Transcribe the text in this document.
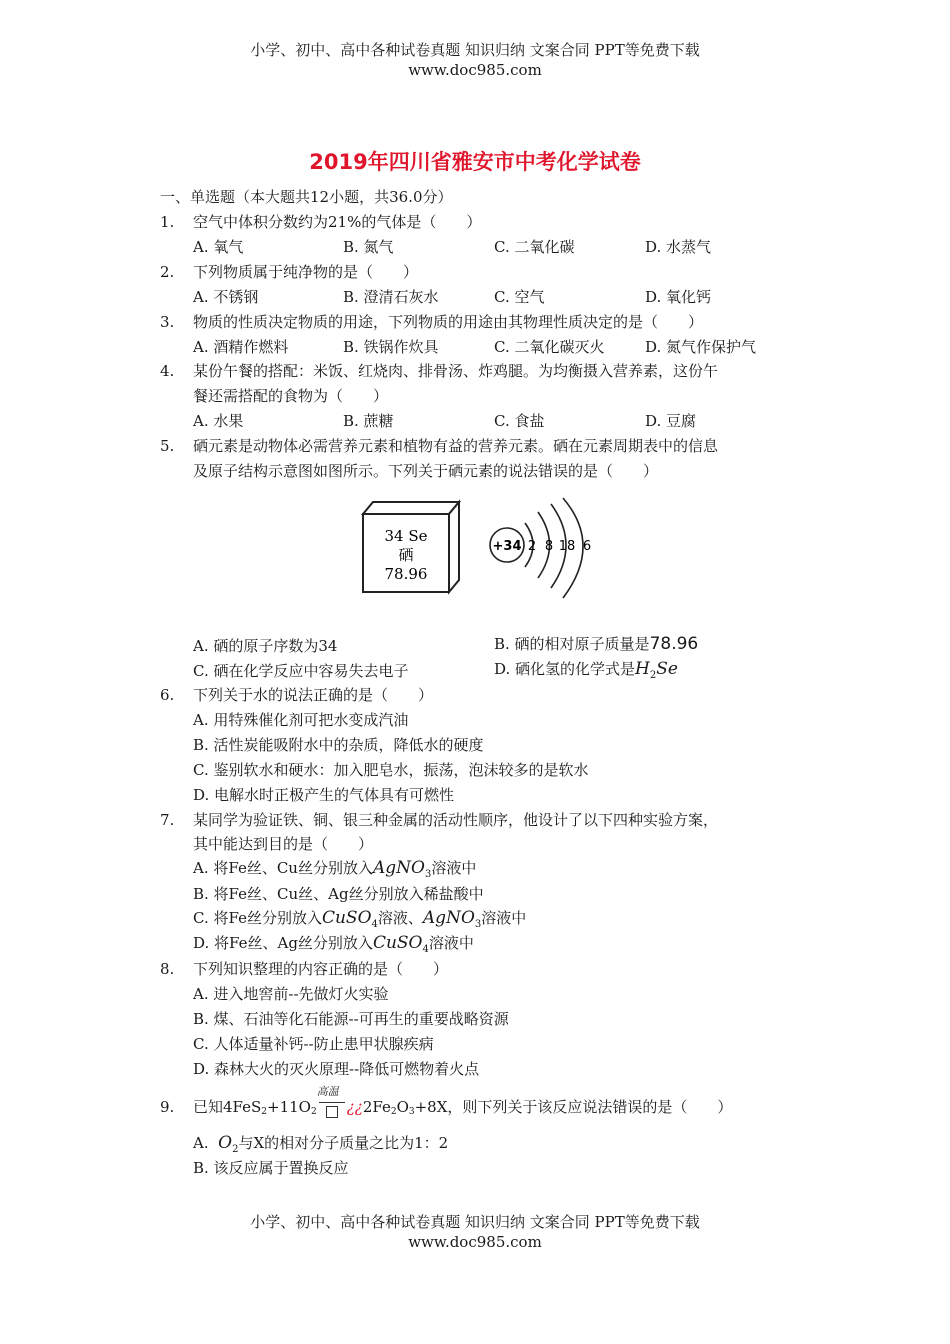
小学、初中、高中各种试卷真题 知识归纳 文案合同 PPT等免费下载
www.doc985.com
2019年四川省雅安市中考化学试卷
一、单选题（本大题共12小题，共36.0分）
1. 空气中体积分数约为21%的气体是（　　）
A. 氧气	B. 氮气	C. 二氧化碳	D. 水蒸气
2. 下列物质属于纯净物的是（　　）
A. 不锈钢	B. 澄清石灰水	C. 空气	D. 氧化钙
3. 物质的性质决定物质的用途，下列物质的用途由其物理性质决定的是（　　）
A. 酒精作燃料	B. 铁锅作炊具	C. 二氧化碳灭火	D. 氮气作保护气
4. 某份午餐的搭配：米饭、红烧肉、排骨汤、炸鸡腿。为均衡摄入营养素，这份午
餐还需搭配的食物为（　　）
A. 水果	B. 蔗糖	C. 食盐	D. 豆腐
5. 硒元素是动物体必需营养元素和植物有益的营养元素。硒在元素周期表中的信息
及原子结构示意图如图所示。下列关于硒元素的说法错误的是（　　）
34 Se
硒
78.96
+34 2 8 18 6
A. 硒的原子序数为34	B. 硒的相对原子质量是78.96
C. 硒在化学反应中容易失去电子	D. 硒化氢的化学式是$H_2Se$
6. 下列关于水的说法正确的是（　　）
A. 用特殊催化剂可把水变成汽油
B. 活性炭能吸附水中的杂质，降低水的硬度
C. 鉴别软水和硬水：加入肥皂水，振荡，泡沫较多的是软水
D. 电解水时正极产生的气体具有可燃性
7. 某同学为验证铁、铜、银三种金属的活动性顺序，他设计了以下四种实验方案，
其中能达到目的是（　　）
A. 将Fe丝、Cu丝分别放入AgNO$_3$溶液中
B. 将Fe丝、Cu丝、Ag丝分别放入稀盐酸中
C. 将Fe丝分别放入CuSO$_4$溶液、AgNO$_3$溶液中
D. 将Fe丝、Ag丝分别放入CuSO$_4$溶液中
8. 下列知识整理的内容正确的是（　　）
A. 进入地窖前--先做灯火实验
B. 煤、石油等化石能源--可再生的重要战略资源
C. 人体适量补钙--防止患甲状腺疾病
D. 森林大火的灭火原理--降低可燃物着火点
9. 已知4FeS2+11O2
高温
¿¿2Fe2O3+8X，则下列关于该反应说法错误的是（　　）
A.  $O_2$与X的相对分子质量之比为1：2
B. 该反应属于置换反应
小学、初中、高中各种试卷真题 知识归纳 文案合同 PPT等免费下载
www.doc985.com
